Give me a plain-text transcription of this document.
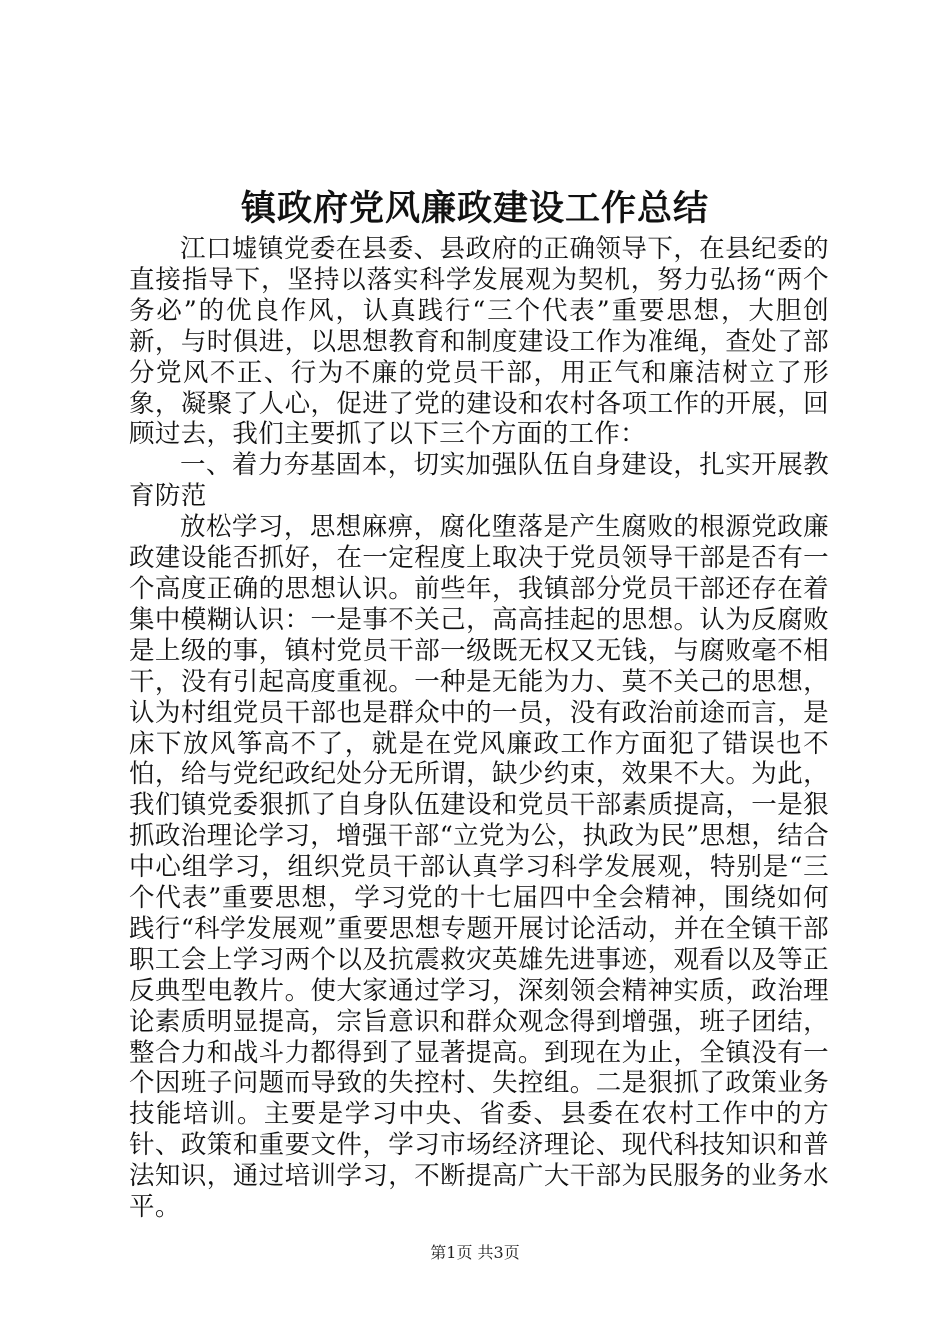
镇政府党风廉政建设工作总结

江口墟镇党委在县委、县政府的正确领导下，在县纪委的直接指导下，坚持以落实科学发展观为契机，努力弘扬“两个务必”的优良作风，认真践行“三个代表”重要思想，大胆创新，与时俱进，以思想教育和制度建设工作为准绳，查处了部分党风不正、行为不廉的党员干部，用正气和廉洁树立了形象，凝聚了人心，促进了党的建设和农村各项工作的开展，回顾过去，我们主要抓了以下三个方面的工作：

一、着力夯基固本，切实加强队伍自身建设，扎实开展教育防范

放松学习，思想麻痹，腐化堕落是产生腐败的根源党政廉政建设能否抓好，在一定程度上取决于党员领导干部是否有一个高度正确的思想认识。前些年，我镇部分党员干部还存在着集中模糊认识：一是事不关己，高高挂起的思想。认为反腐败是上级的事，镇村党员干部一级既无权又无钱，与腐败毫不相干，没有引起高度重视。一种是无能为力、莫不关己的思想，认为村组党员干部也是群众中的一员，没有政治前途而言，是床下放风筝高不了，就是在党风廉政工作方面犯了错误也不怕，给与党纪政纪处分无所谓，缺少约束，效果不大。为此，我们镇党委狠抓了自身队伍建设和党员干部素质提高，一是狠抓政治理论学习，增强干部“立党为公，执政为民”思想，结合中心组学习，组织党员干部认真学习科学发展观，特别是“三个代表”重要思想，学习党的十七届四中全会精神，围绕如何践行“科学发展观”重要思想专题开展讨论活动，并在全镇干部职工会上学习两个以及抗震救灾英雄先进事迹，观看以及等正反典型电教片。使大家通过学习，深刻领会精神实质，政治理论素质明显提高，宗旨意识和群众观念得到增强，班子团结，整合力和战斗力都得到了显著提高。到现在为止，全镇没有一个因班子问题而导致的失控村、失控组。二是狠抓了政策业务技能培训。主要是学习中央、省委、县委在农村工作中的方针、政策和重要文件，学习市场经济理论、现代科技知识和普法知识，通过培训学习，不断提高广大干部为民服务的业务水平。

第1页 共3页
